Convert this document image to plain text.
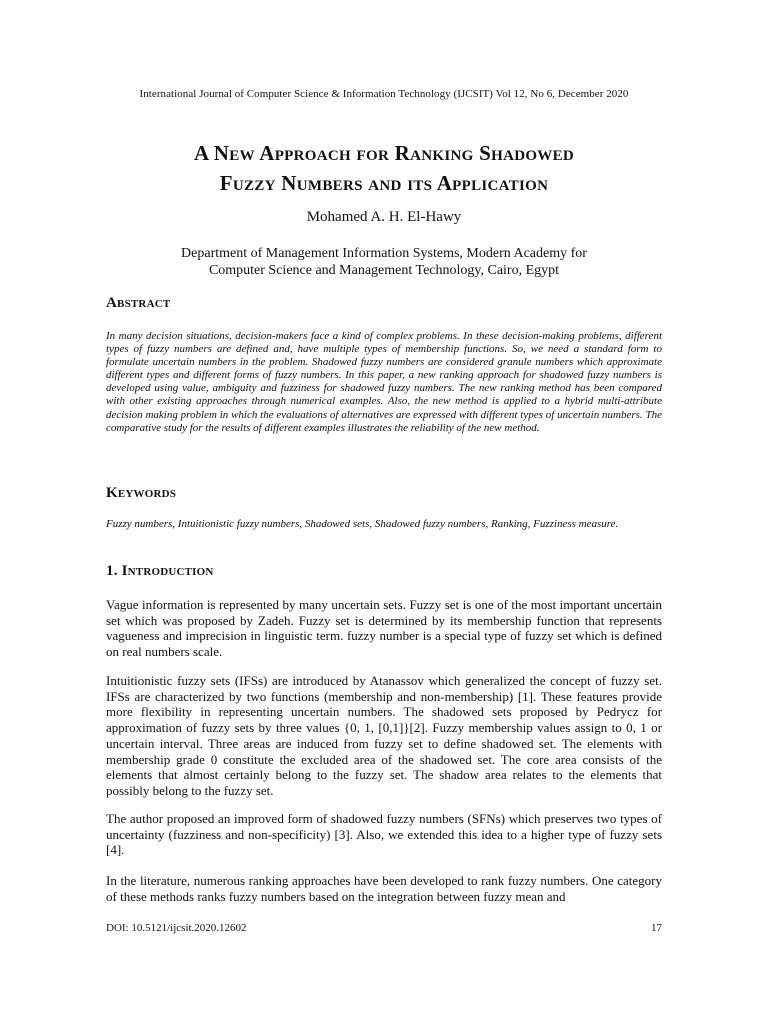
International Journal of Computer Science & Information Technology (IJCSIT) Vol 12, No 6, December 2020
A New Approach for Ranking Shadowed
Fuzzy Numbers and its Application
Mohamed A. H. El-Hawy
Department of Management Information Systems, Modern Academy for
Computer Science and Management Technology, Cairo, Egypt
Abstract
In many decision situations, decision-makers face a kind of complex problems. In these decision-making problems, different types of fuzzy numbers are defined and, have multiple types of membership functions. So, we need a standard form to formulate uncertain numbers in the problem. Shadowed fuzzy numbers are considered granule numbers which approximate different types and different forms of fuzzy numbers. In this paper, a new ranking approach for shadowed fuzzy numbers is developed using value, ambiguity and fuzziness for shadowed fuzzy numbers. The new ranking method has been compared with other existing approaches through numerical examples. Also, the new method is applied to a hybrid multi-attribute decision making problem in which the evaluations of alternatives are expressed with different types of uncertain numbers. The comparative study for the results of different examples illustrates the reliability of the new method.
Keywords
Fuzzy numbers, Intuitionistic fuzzy numbers, Shadowed sets, Shadowed fuzzy numbers, Ranking, Fuzziness measure.
1. Introduction
Vague information is represented by many uncertain sets. Fuzzy set is one of the most important uncertain set which was proposed by Zadeh. Fuzzy set is determined by its membership function that represents vagueness and imprecision in linguistic term. fuzzy number is a special type of fuzzy set which is defined on real numbers scale.
Intuitionistic fuzzy sets (IFSs) are introduced by Atanassov which generalized the concept of fuzzy set. IFSs are characterized by two functions (membership and non-membership) [1]. These features provide more flexibility in representing uncertain numbers. The shadowed sets proposed by Pedrycz for approximation of fuzzy sets by three values {0, 1, [0,1]}[2]. Fuzzy membership values assign to 0, 1 or uncertain interval. Three areas are induced from fuzzy set to define shadowed set. The elements with membership grade 0 constitute the excluded area of the shadowed set. The core area consists of the elements that almost certainly belong to the fuzzy set. The shadow area relates to the elements that possibly belong to the fuzzy set.
The author proposed an improved form of shadowed fuzzy numbers (SFNs) which preserves two types of uncertainty (fuzziness and non-specificity) [3]. Also, we extended this idea to a higher type of fuzzy sets [4].
In the literature, numerous ranking approaches have been developed to rank fuzzy numbers. One category of these methods ranks fuzzy numbers based on the integration between fuzzy mean and
DOI: 10.5121/ijcsit.2020.12602	17
